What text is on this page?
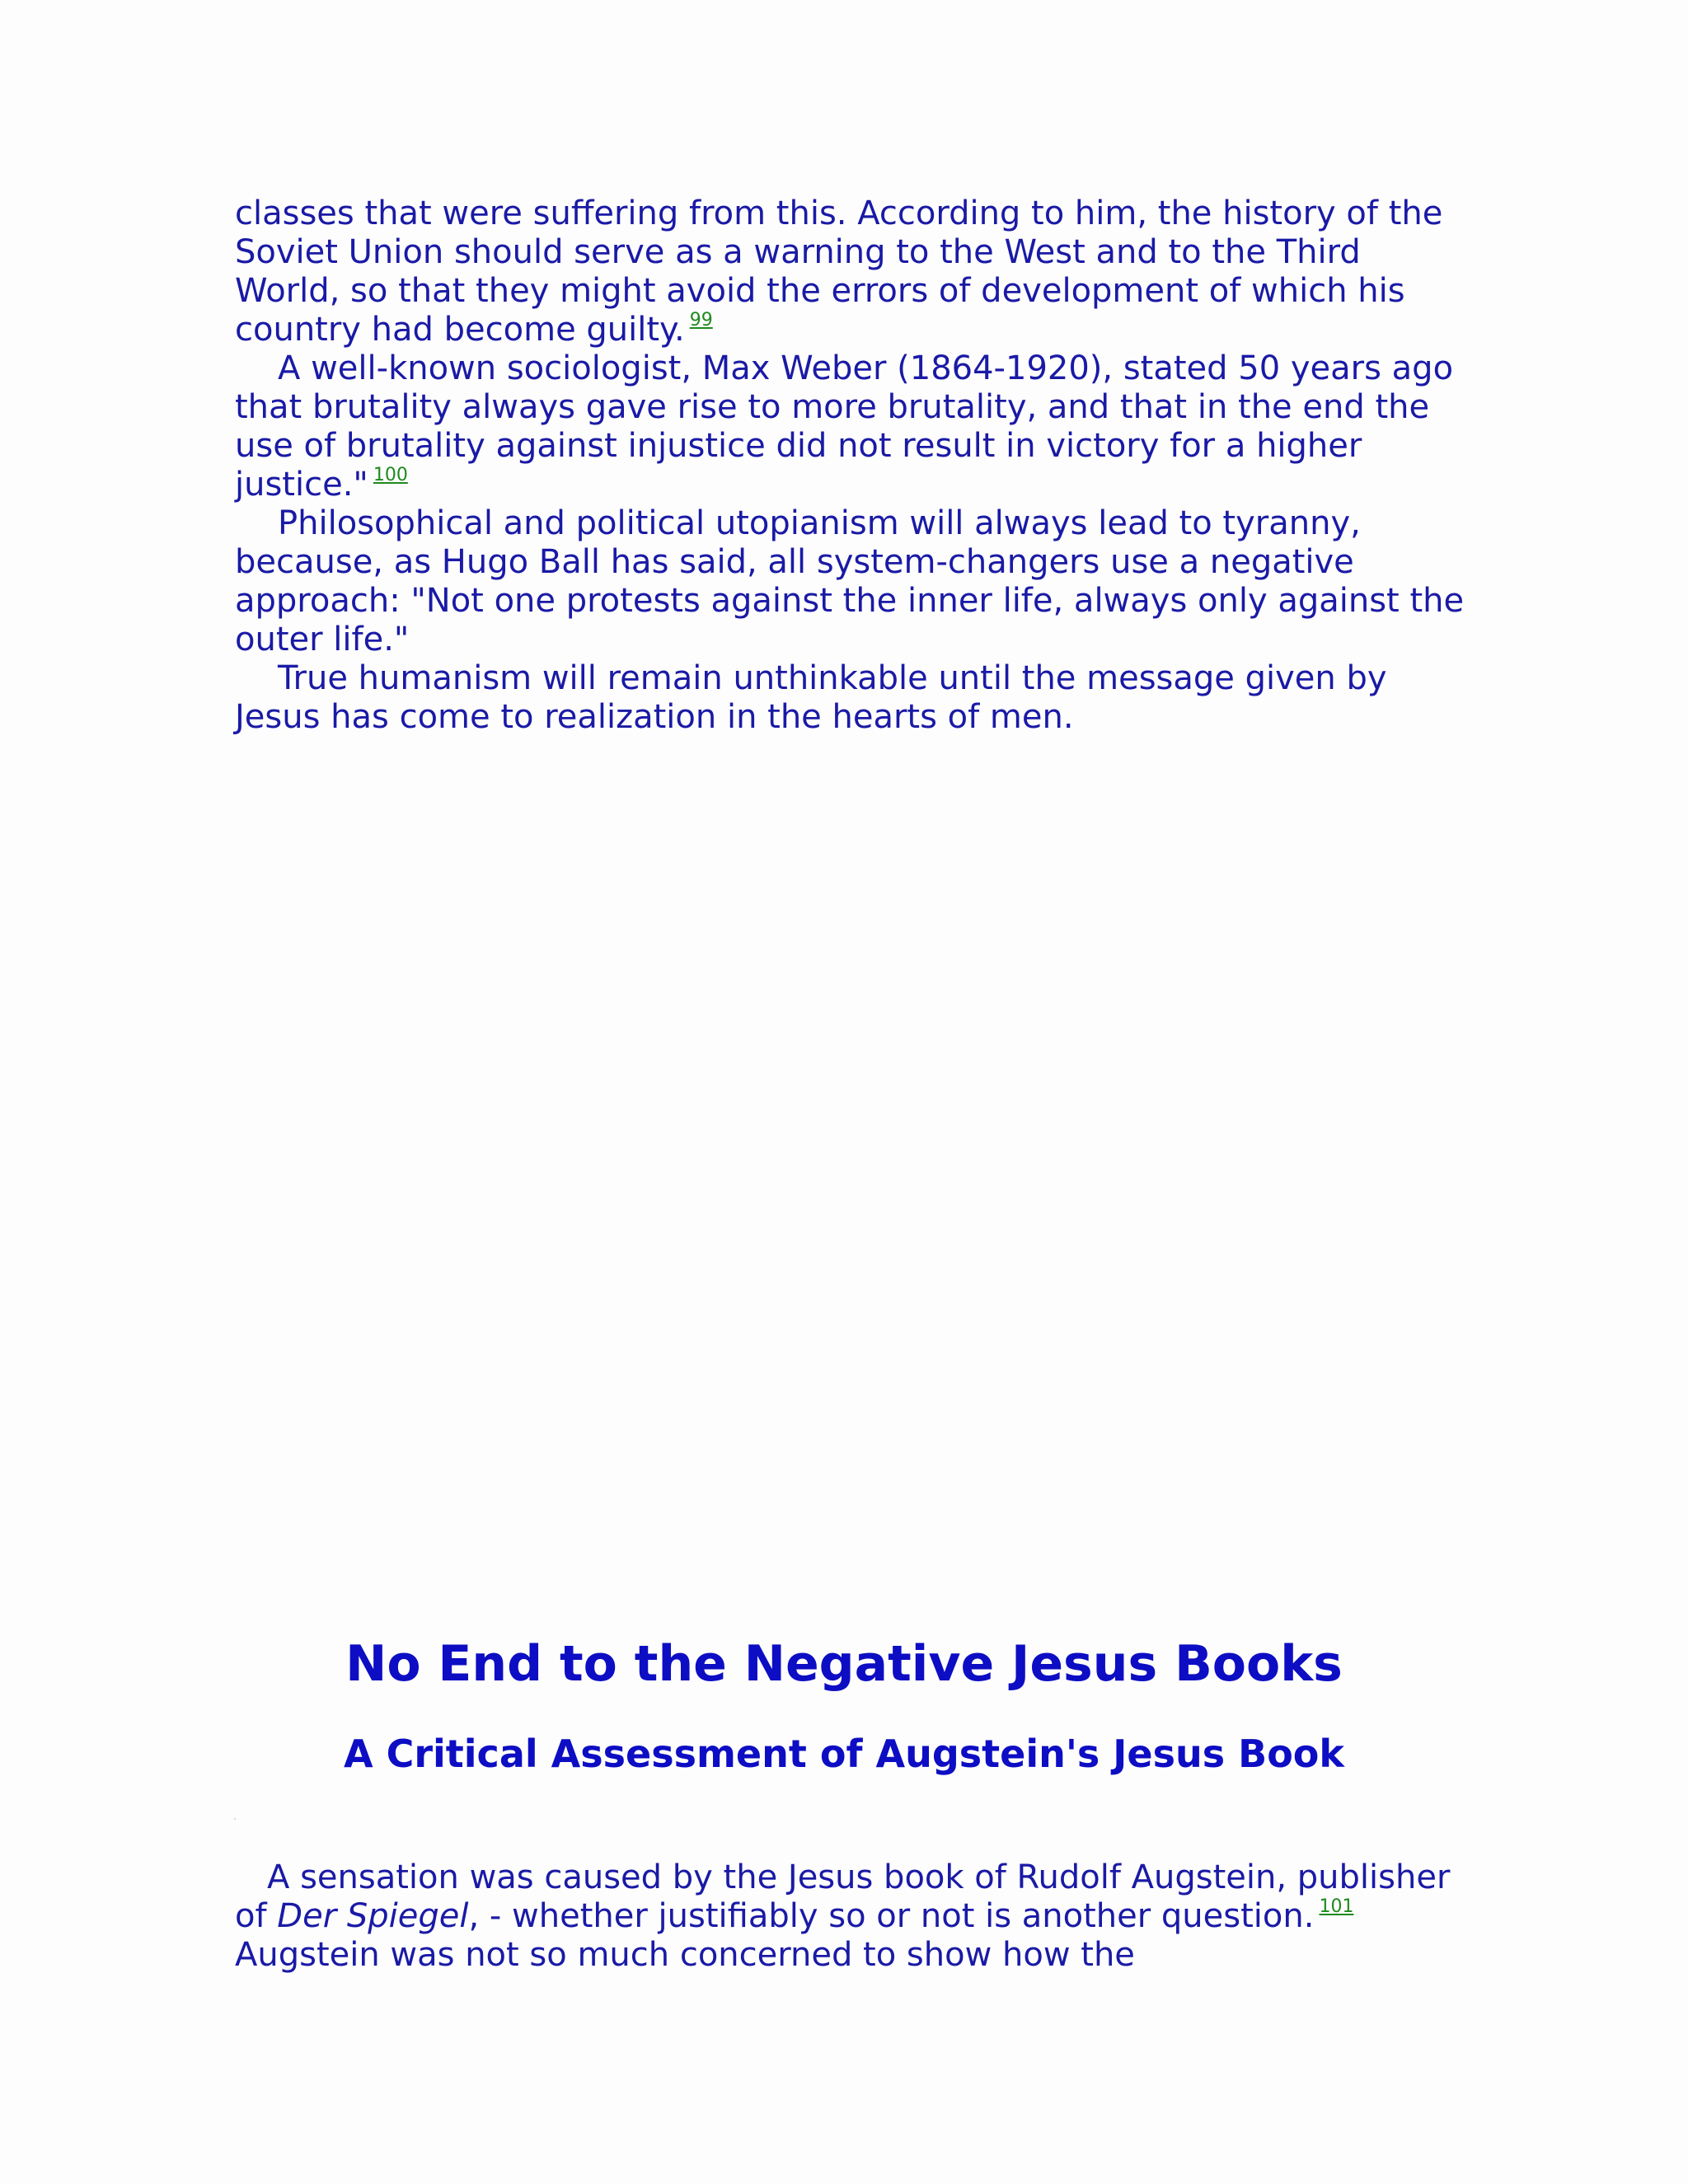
classes that were suffering from this. According to him, the history of the Soviet Union should serve as a warning to the West and to the Third World, so that they might avoid the errors of development of which his country had become guilty. $^{99}$

A well-known sociologist, Max Weber (1864-1920), stated 50 years ago that brutality always gave rise to more brutality, and that in the end the use of brutality against injustice did not result in victory for a higher justice." $^{100}$

Philosophical and political utopianism will always lead to tyranny, because, as Hugo Ball has said, all system-changers use a negative approach: "Not one protests against the inner life, always only against the outer life."

True humanism will remain unthinkable until the message given by Jesus has come to realization in the hearts of men.

No End to the Negative Jesus Books
A Critical Assessment of Augstein's Jesus Book

A sensation was caused by the Jesus book of Rudolf Augstein, publisher of Der Spiegel, - whether justifiably so or not is another question. $^{101}$ Augstein was not so much concerned to show how the
